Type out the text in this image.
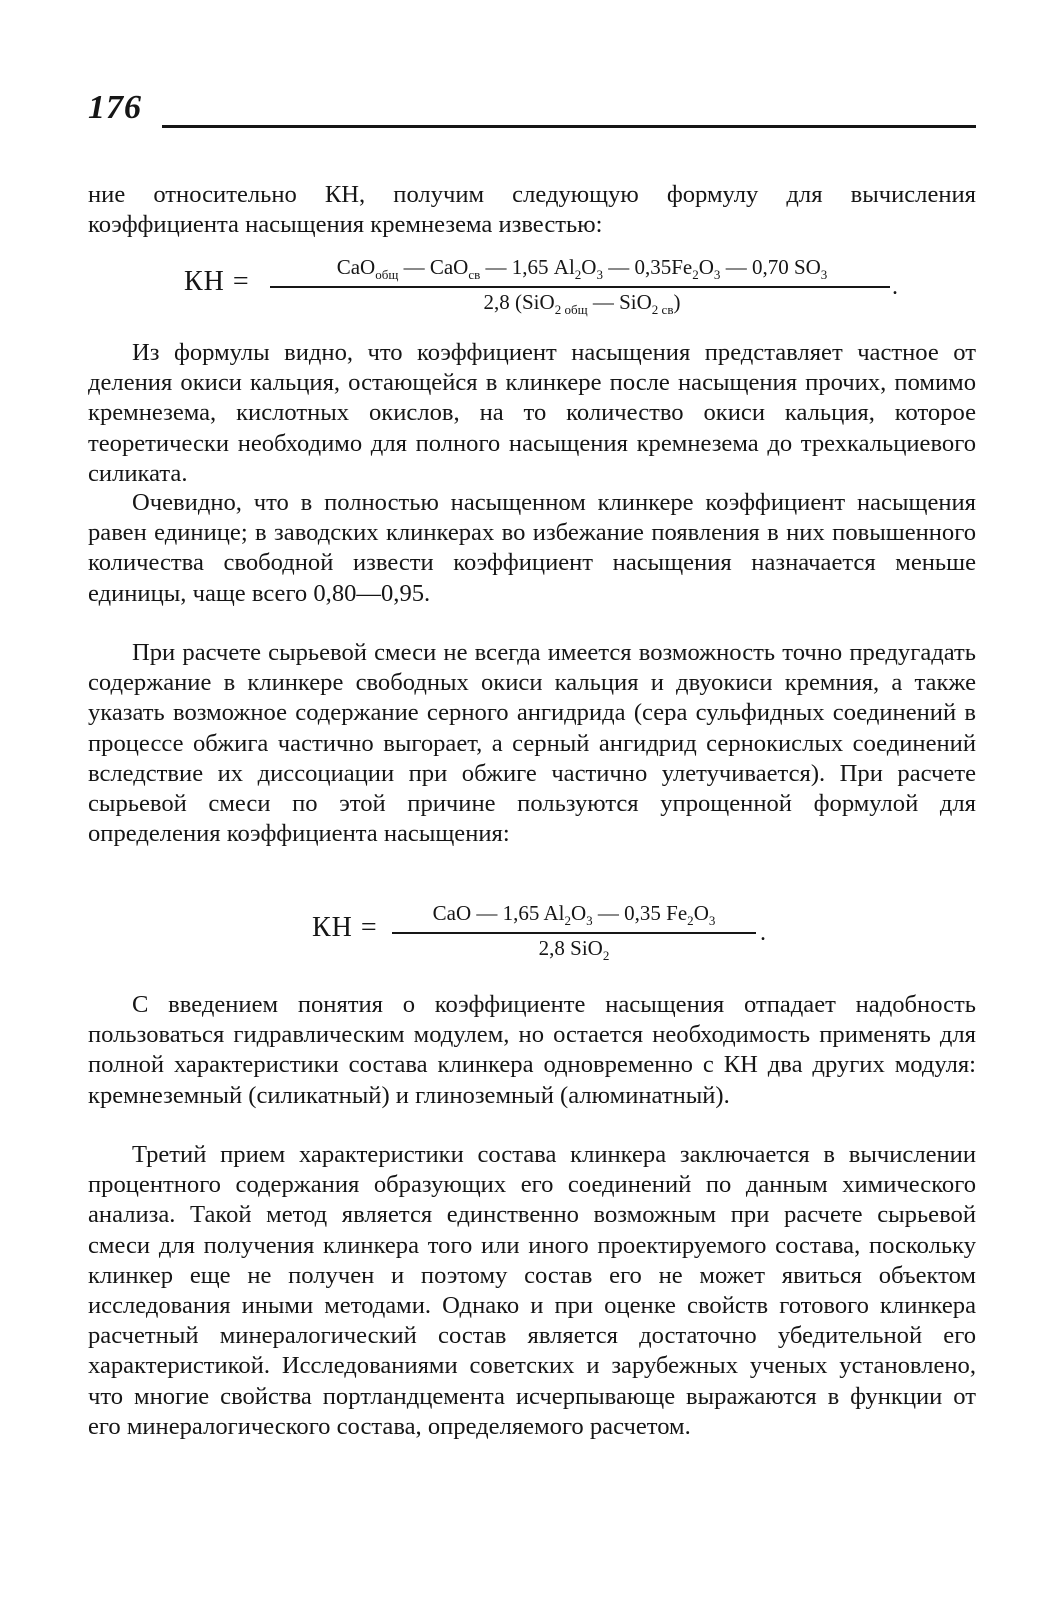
176

ние относительно КН, получим следующую формулу для вычисления коэффициента насыщения кремнезема известью:

КН =	CaO$_{общ}$ — CaO$_{св}$ — 1,65 $Al_2O_3$ — $0,35Fe_2O_3$ — 0,70 $SO_3$
2,8 (SiO$_{2 общ}$ — SiO$_{2 св}$)
.

Из формулы видно, что коэффициент насыщения представляет частное от деления окиси кальция, остающейся в клинкере после насыщения прочих, помимо кремнезема, кислотных окислов, на то количество окиси кальция, которое теоретически необходимо для полного насыщения кремнезема до трехкальциевого силиката.

Очевидно, что в полностью насыщенном клинкере коэффициент насыщения равен единице; в заводских клинкерах во избежание появления в них повышенного количества свободной извести коэффициент насыщения назначается меньше единицы, чаще всего 0,80—0,95.

При расчете сырьевой смеси не всегда имеется возможность точно предугадать содержание в клинкере свободных окиси кальция и двуокиси кремния, а также указать возможное содержание серного ангидрида (сера сульфидных соединений в процессе обжига частично выгорает, а серный ангидрид сернокислых соединений вследствие их диссоциации при обжиге частично улетучивается). При расчете сырьевой смеси по этой причине пользуются упрощенной формулой для определения коэффициента насыщения:

КН =	CaO — 1,65 $Al_2O_3$ — 0,35 $Fe_2O_3$
2,8 SiO$_2$
.

С введением понятия о коэффициенте насыщения отпадает надобность пользоваться гидравлическим модулем, но остается необходимость применять для полной характеристики состава клинкера одновременно с КН два других модуля: кремнеземный (силикатный) и глиноземный (алюминатный).

Третий прием характеристики состава клинкера заключается в вычислении процентного содержания образующих его соединений по данным химического анализа. Такой метод является единственно возможным при расчете сырьевой смеси для получения клинкера того или иного проектируемого состава, поскольку клинкер еще не получен и поэтому состав его не может явиться объектом исследования иными методами. Однако и при оценке свойств готового клинкера расчетный минералогический состав является достаточно убедительной его характеристикой. Исследованиями советских и зарубежных ученых установлено, что многие свойства портландцемента исчерпывающе выражаются в функции от его минералогического состава, определяемого расчетом.
